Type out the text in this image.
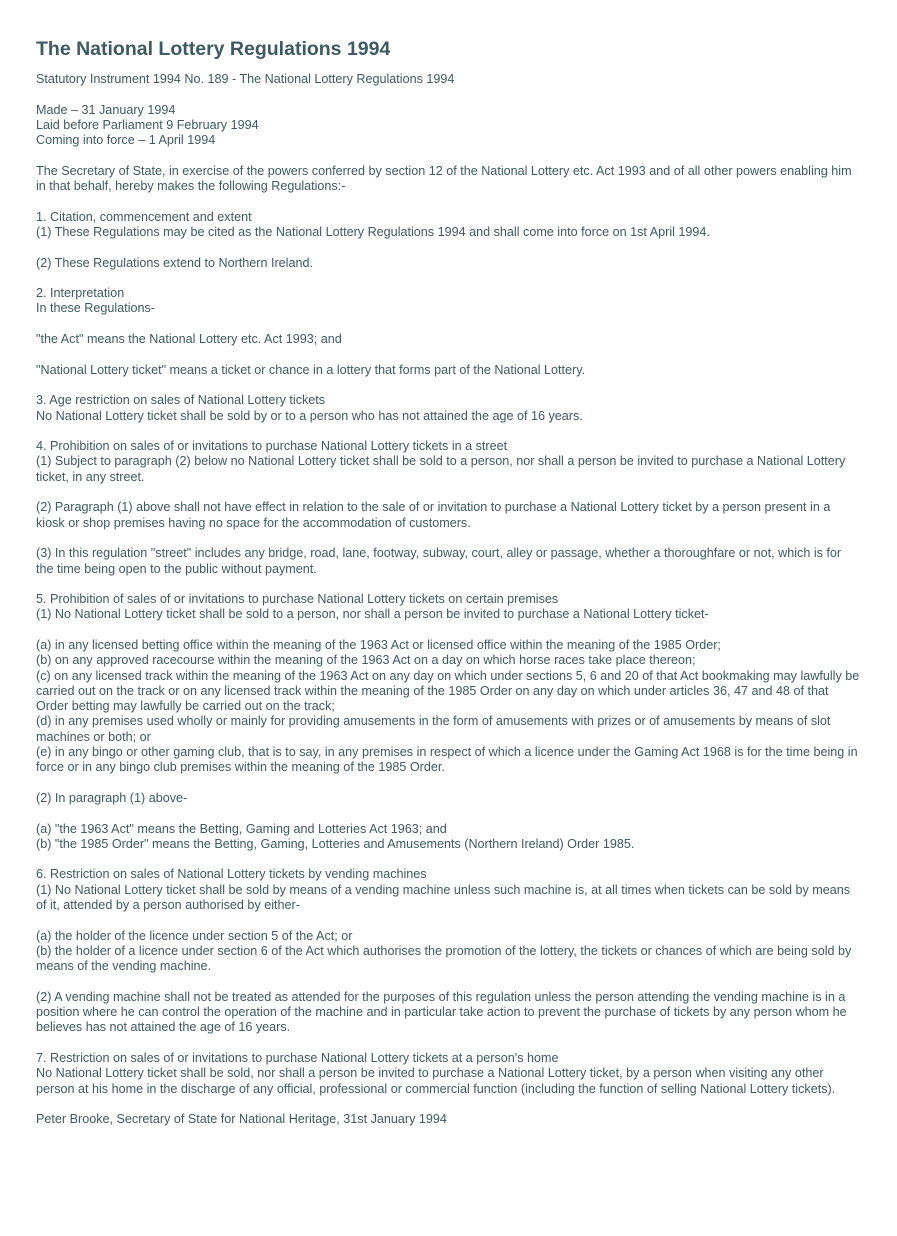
The National Lottery Regulations 1994

Statutory Instrument 1994 No. 189 - The National Lottery Regulations 1994

Made – 31 January 1994
Laid before Parliament 9 February 1994
Coming into force – 1 April 1994

The Secretary of State, in exercise of the powers conferred by section 12 of the National Lottery etc. Act 1993 and of all other powers enabling him in that behalf, hereby makes the following Regulations:-

1. Citation, commencement and extent
(1) These Regulations may be cited as the National Lottery Regulations 1994 and shall come into force on 1st April 1994.
(2) These Regulations extend to Northern Ireland.
2. Interpretation
In these Regulations-
"the Act" means the National Lottery etc. Act 1993; and
"National Lottery ticket" means a ticket or chance in a lottery that forms part of the National Lottery.
3. Age restriction on sales of National Lottery tickets
No National Lottery ticket shall be sold by or to a person who has not attained the age of 16 years.
4. Prohibition on sales of or invitations to purchase National Lottery tickets in a street
(1) Subject to paragraph (2) below no National Lottery ticket shall be sold to a person, nor shall a person be invited to purchase a National Lottery ticket, in any street.
(2) Paragraph (1) above shall not have effect in relation to the sale of or invitation to purchase a National Lottery ticket by a person present in a kiosk or shop premises having no space for the accommodation of customers.
(3) In this regulation "street" includes any bridge, road, lane, footway, subway, court, alley or passage, whether a thoroughfare or not, which is for the time being open to the public without payment.
5. Prohibition of sales of or invitations to purchase National Lottery tickets on certain premises
(1) No National Lottery ticket shall be sold to a person, nor shall a person be invited to purchase a National Lottery ticket-
(a) in any licensed betting office within the meaning of the 1963 Act or licensed office within the meaning of the 1985 Order;
(b) on any approved racecourse within the meaning of the 1963 Act on a day on which horse races take place thereon;
(c) on any licensed track within the meaning of the 1963 Act on any day on which under sections 5, 6 and 20 of that Act bookmaking may lawfully be carried out on the track or on any licensed track within the meaning of the 1985 Order on any day on which under articles 36, 47 and 48 of that Order betting may lawfully be carried out on the track;
(d) in any premises used wholly or mainly for providing amusements in the form of amusements with prizes or of amusements by means of slot machines or both; or
(e) in any bingo or other gaming club, that is to say, in any premises in respect of which a licence under the Gaming Act 1968 is for the time being in force or in any bingo club premises within the meaning of the 1985 Order.
(2) In paragraph (1) above-
(a) "the 1963 Act" means the Betting, Gaming and Lotteries Act 1963; and
(b) "the 1985 Order" means the Betting, Gaming, Lotteries and Amusements (Northern Ireland) Order 1985.
6. Restriction on sales of National Lottery tickets by vending machines
(1) No National Lottery ticket shall be sold by means of a vending machine unless such machine is, at all times when tickets can be sold by means of it, attended by a person authorised by either-
(a) the holder of the licence under section 5 of the Act; or
(b) the holder of a licence under section 6 of the Act which authorises the promotion of the lottery, the tickets or chances of which are being sold by means of the vending machine.
(2) A vending machine shall not be treated as attended for the purposes of this regulation unless the person attending the vending machine is in a position where he can control the operation of the machine and in particular take action to prevent the purchase of tickets by any person whom he believes has not attained the age of 16 years.
7. Restriction on sales of or invitations to purchase National Lottery tickets at a person's home
No National Lottery ticket shall be sold, nor shall a person be invited to purchase a National Lottery ticket, by a person when visiting any other person at his home in the discharge of any official, professional or commercial function (including the function of selling National Lottery tickets).

Peter Brooke, Secretary of State for National Heritage, 31st January 1994
